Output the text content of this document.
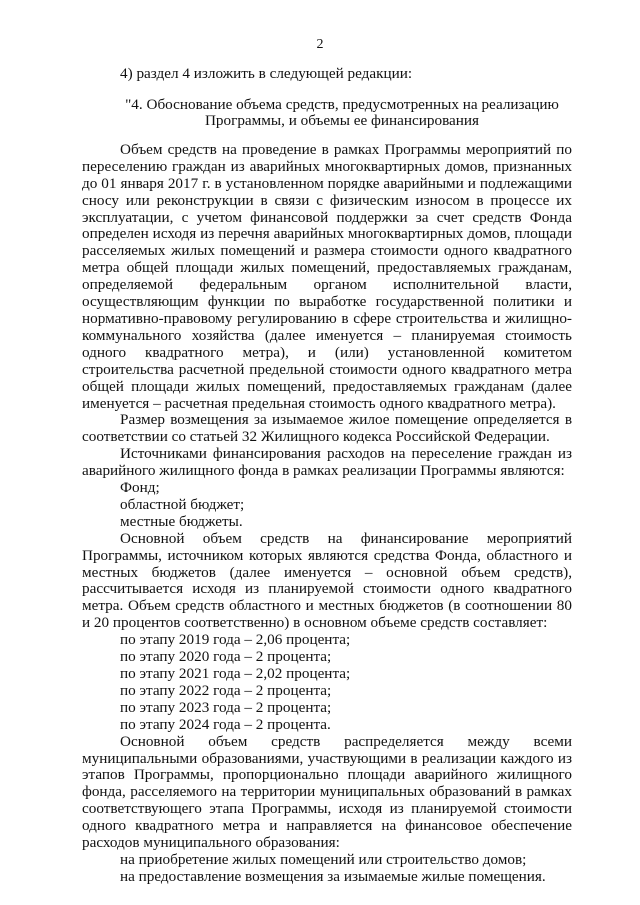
2

4) раздел 4 изложить в следующей редакции:

"4. Обоснование объема средств, предусмотренных на реализацию
Программы, и объемы ее финансирования

Объем средств на проведение в рамках Программы мероприятий по переселению граждан из аварийных многоквартирных домов, признанных до 01 января 2017 г. в установленном порядке аварийными и подлежащими сносу или реконструкции в связи с физическим износом в процессе их эксплуатации, с учетом финансовой поддержки за счет средств Фонда определен исходя из перечня аварийных многоквартирных домов, площади расселяемых жилых помещений и размера стоимости одного квадратного метра общей площади жилых помещений, предоставляемых гражданам, определяемой федеральным органом исполнительной власти, осуществляющим функции по выработке государственной политики и нормативно-правовому регулированию в сфере строительства и жилищно-коммунального хозяйства (далее именуется – планируемая стоимость одного квадратного метра), и (или) установленной комитетом строительства расчетной предельной стоимости одного квадратного метра общей площади жилых помещений, предоставляемых гражданам (далее именуется – расчетная предельная стоимость одного квадратного метра).

Размер возмещения за изымаемое жилое помещение определяется в соответствии со статьей 32 Жилищного кодекса Российской Федерации.

Источниками финансирования расходов на переселение граждан из аварийного жилищного фонда в рамках реализации Программы являются:

Фонд;

областной бюджет;

местные бюджеты.

Основной объем средств на финансирование мероприятий Программы, источником которых являются средства Фонда, областного и местных бюджетов (далее именуется – основной объем средств), рассчитывается исходя из планируемой стоимости одного квадратного метра. Объем средств областного и местных бюджетов (в соотношении 80 и 20 процентов соответственно) в основном объеме средств составляет:

по этапу 2019 года – 2,06 процента;

по этапу 2020 года – 2 процента;

по этапу 2021 года – 2,02 процента;

по этапу 2022 года – 2 процента;

по этапу 2023 года – 2 процента;

по этапу 2024 года – 2 процента.

Основной объем средств распределяется между всеми муниципальными образованиями, участвующими в реализации каждого из этапов Программы, пропорционально площади аварийного жилищного фонда, расселяемого на территории муниципальных образований в рамках соответствующего этапа Программы, исходя из планируемой стоимости одного квадратного метра и направляется на финансовое обеспечение расходов муниципального образования:

на приобретение жилых помещений или строительство домов;

на предоставление возмещения за изымаемые жилые помещения.
